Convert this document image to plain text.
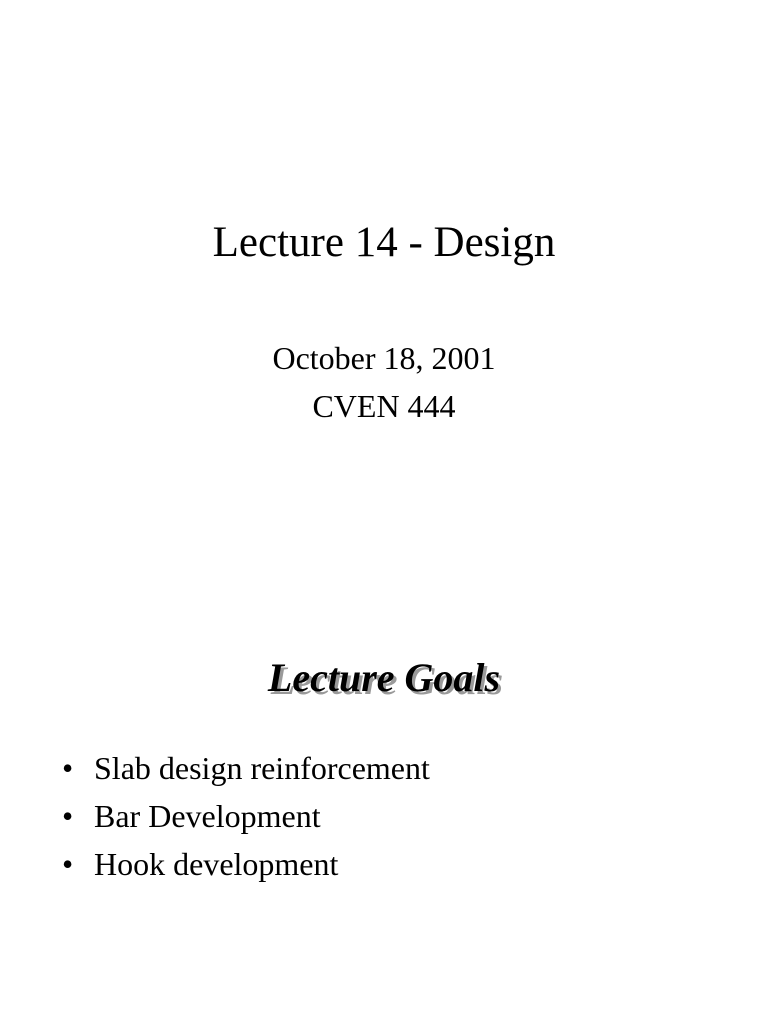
Lecture 14 - Design
October 18, 2001
CVEN 444
Lecture Goals
• Slab design reinforcement
• Bar Development
• Hook development
